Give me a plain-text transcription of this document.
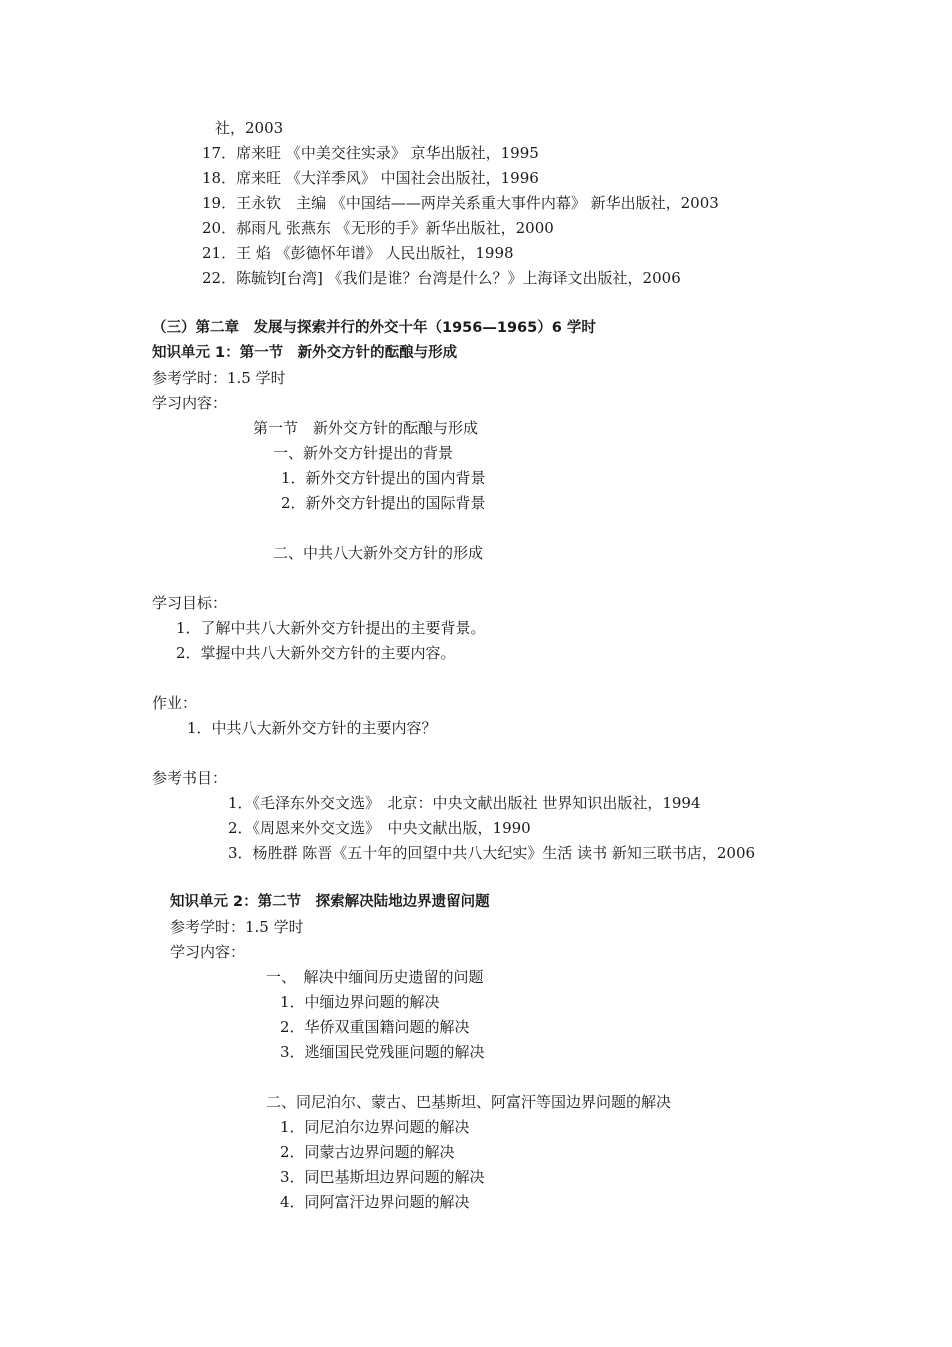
社，2003
17．席来旺 《中美交往实录》 京华出版社，1995
18．席来旺 《大洋季风》 中国社会出版社，1996
19．王永钦　主编 《中国结——两岸关系重大事件内幕》 新华出版社，2003
20．郝雨凡 张燕东 《无形的手》新华出版社，2000
21．王 焰 《彭德怀年谱》 人民出版社，1998
22．陈毓钧[台湾] 《我们是谁？台湾是什么？》上海译文出版社，2006
（三）第二章　发展与探索并行的外交十年（1956—1965）6 学时
知识单元 1：第一节　新外交方针的酝酿与形成
参考学时：1.5 学时
学习内容：
第一节　新外交方针的酝酿与形成
一、新外交方针提出的背景
1．新外交方针提出的国内背景
2．新外交方针提出的国际背景
二、中共八大新外交方针的形成
学习目标：
1．了解中共八大新外交方针提出的主要背景。
2．掌握中共八大新外交方针的主要内容。
作业：
1．中共八大新外交方针的主要内容？
参考书目：
1．《毛泽东外交文选》　北京：中央文献出版社 世界知识出版社，1994
2．《周恩来外交文选》　中央文献出版，1990
3．杨胜群 陈晋《五十年的回望中共八大纪实》生活 读书 新知三联书店，2006
知识单元 2：第二节　探索解决陆地边界遗留问题
参考学时：1.5 学时
学习内容：
一、　解决中缅间历史遗留的问题
1．中缅边界问题的解决
2．华侨双重国籍问题的解决
3．逃缅国民党残匪问题的解决
二、同尼泊尔、蒙古、巴基斯坦、阿富汗等国边界问题的解决
1．同尼泊尔边界问题的解决
2．同蒙古边界问题的解决
3．同巴基斯坦边界问题的解决
4．同阿富汗边界问题的解决
